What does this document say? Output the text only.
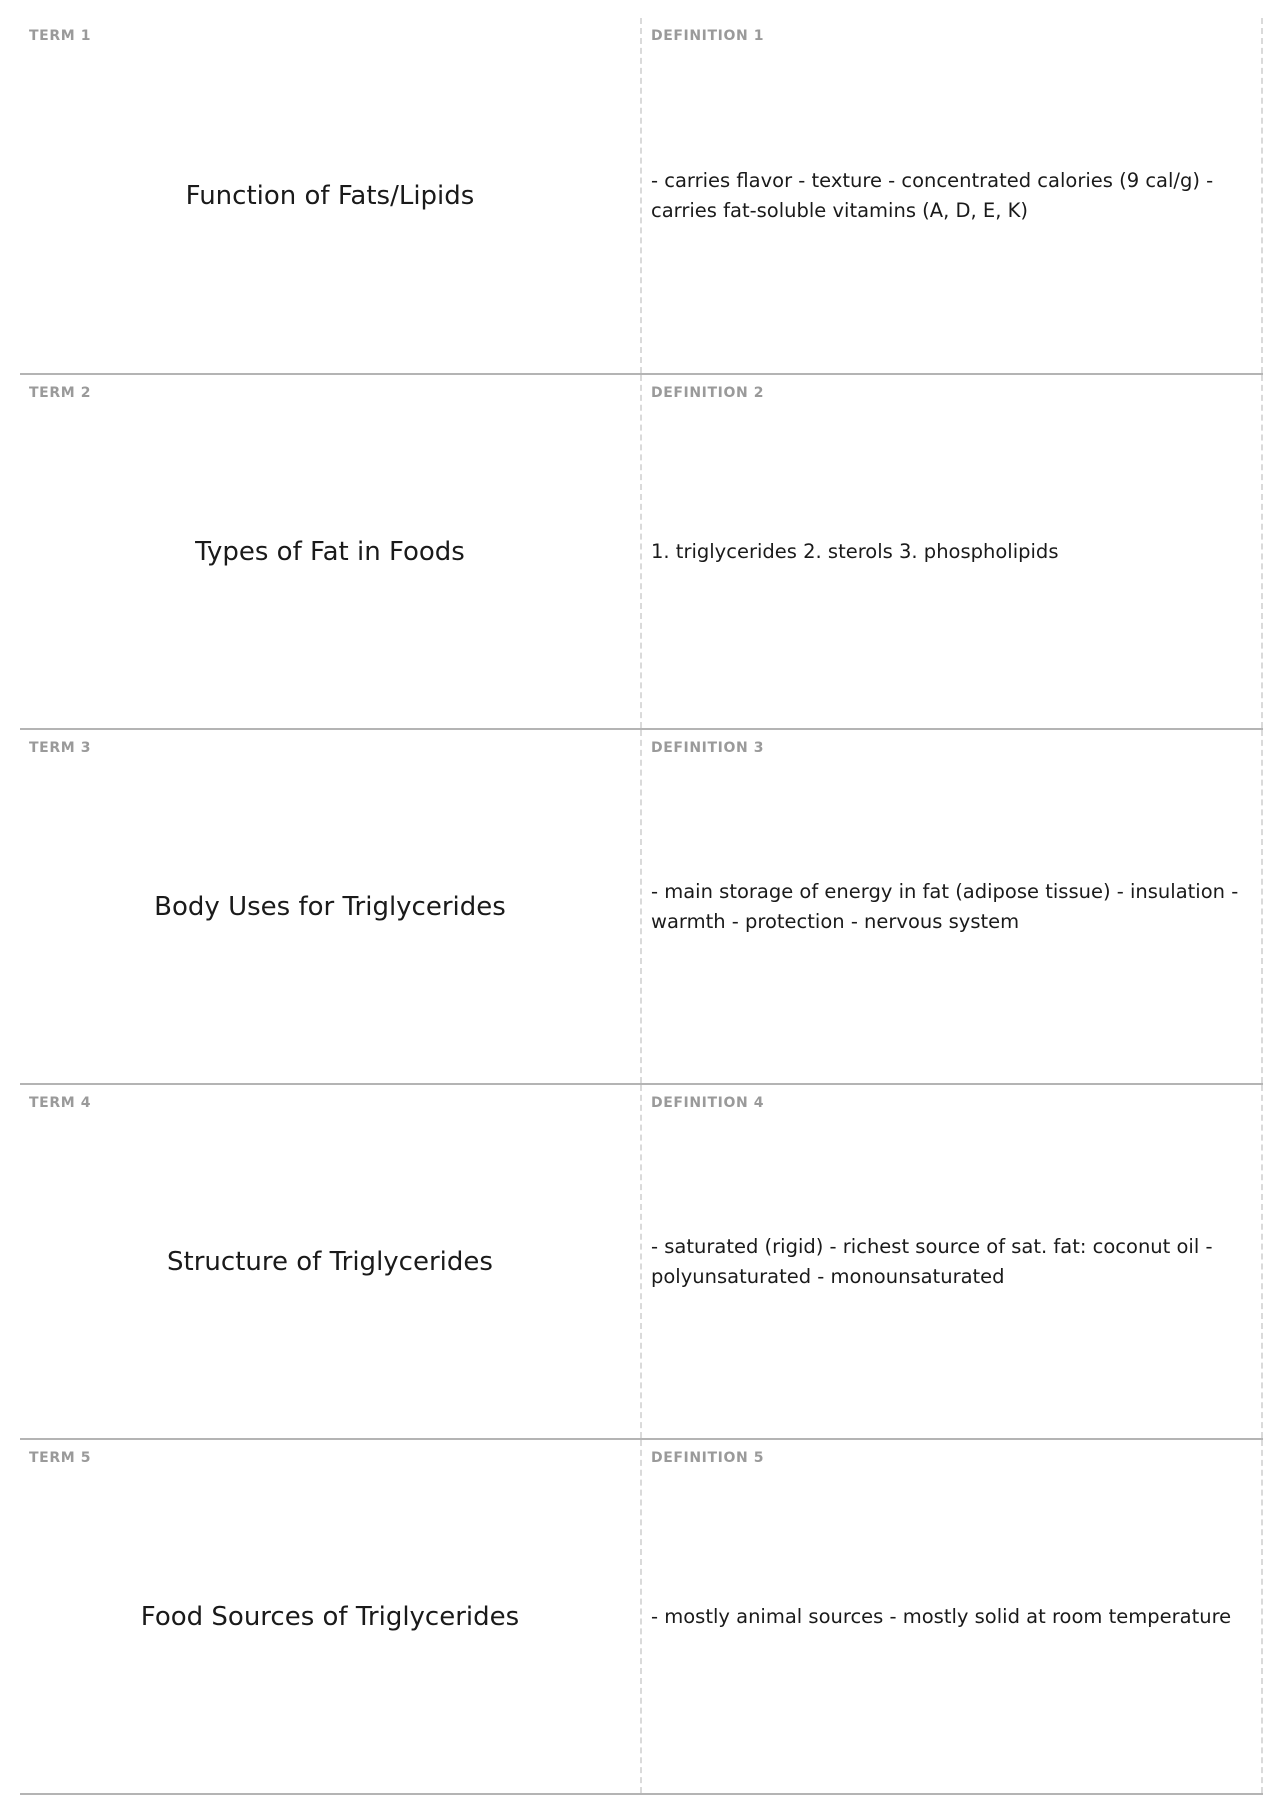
TERM 1
Function of Fats/Lipids
DEFINITION 1
- carries flavor - texture - concentrated calories (9 cal/g) - carries fat-soluble vitamins (A, D, E, K)
TERM 2
Types of Fat in Foods
DEFINITION 2
1. triglycerides 2. sterols 3. phospholipids
TERM 3
Body Uses for Triglycerides
DEFINITION 3
- main storage of energy in fat (adipose tissue) - insulation - warmth - protection - nervous system
TERM 4
Structure of Triglycerides
DEFINITION 4
- saturated (rigid) - richest source of sat. fat: coconut oil - polyunsaturated - monounsaturated
TERM 5
Food Sources of Triglycerides
DEFINITION 5
- mostly animal sources - mostly solid at room temperature
